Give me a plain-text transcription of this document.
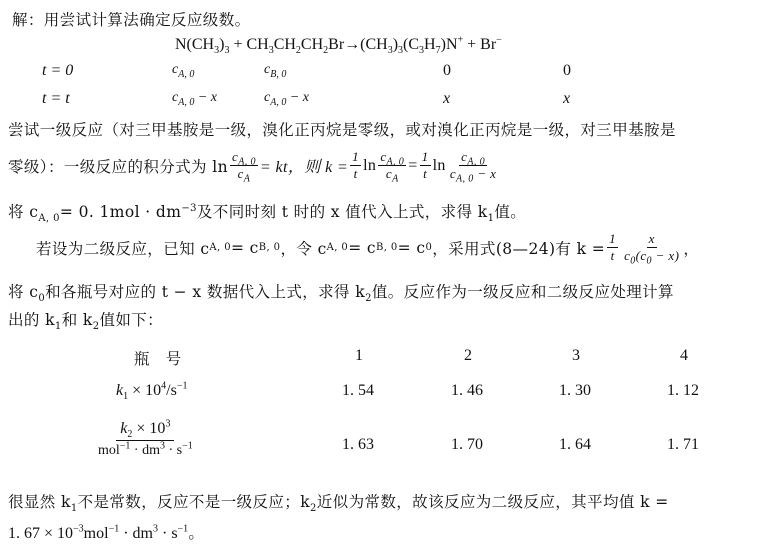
解：用尝试计算法确定反应级数。
$N(CH_3)_3 + CH_3CH_2CH_2Br\to(CH_3)_3(C_3H_7)N^+ + Br^-$
t = 0	$c_{A, 0}$	$c_{B, 0}$	0	0
t = t	$c_{A, 0} - x$	$c_{A, 0} - x$	x	x
尝试一级反应（对三甲基胺是一级，溴化正丙烷是零级，或对溴化正丙烷是一级，对三甲基胺是
零级）：一级反应的积分式为 $\ln \frac{c_{A, 0}}{c_A}$ = kt，则 $k = \frac{1}{t}$ $\ln \frac{c_{A, 0}}{c_A} = \frac{1}{t}$ $\ln \frac{c_{A, 0}}{c_{A, 0} - x}$
将 $c_{A, 0}= 0$. $1mol \cdot dm^{-3}$及不同时刻 t 时的 x 值代入上式，求得 $k_1$值。
若设为二级反应，已知 c A, 0 = c B, 0 ，令 c A, 0 = c B, 0 = c 0 ，采用式(8—24)有 $k = \frac{1}{t} \frac{x}{c_0(c_0 - x)}$ ，
将 $c_0$和各瓶号对应的 t − x 数据代入上式，求得 $k_2$值。反应作为一级反应和二级反应处理计算
出的 $k_1$和 $k_2$值如下：
瓶　号	1	2	3	4
$k_1 \times 10^4/s^{-1}$	1. 54	1. 46	1. 30	1. 12
$\frac{k_2 \times 10^3}{mol^{-1} \cdot dm^3 \cdot s^{-1}}$	1. 63	1. 70	1. 64	1. 71
很显然 $k_1$不是常数，反应不是一级反应；$k_2$近似为常数，故该反应为二级反应，其平均值 k =
1. $67 \times 10^{-3}mol^{-1} \cdot dm^3 \cdot s^{-1}$。
